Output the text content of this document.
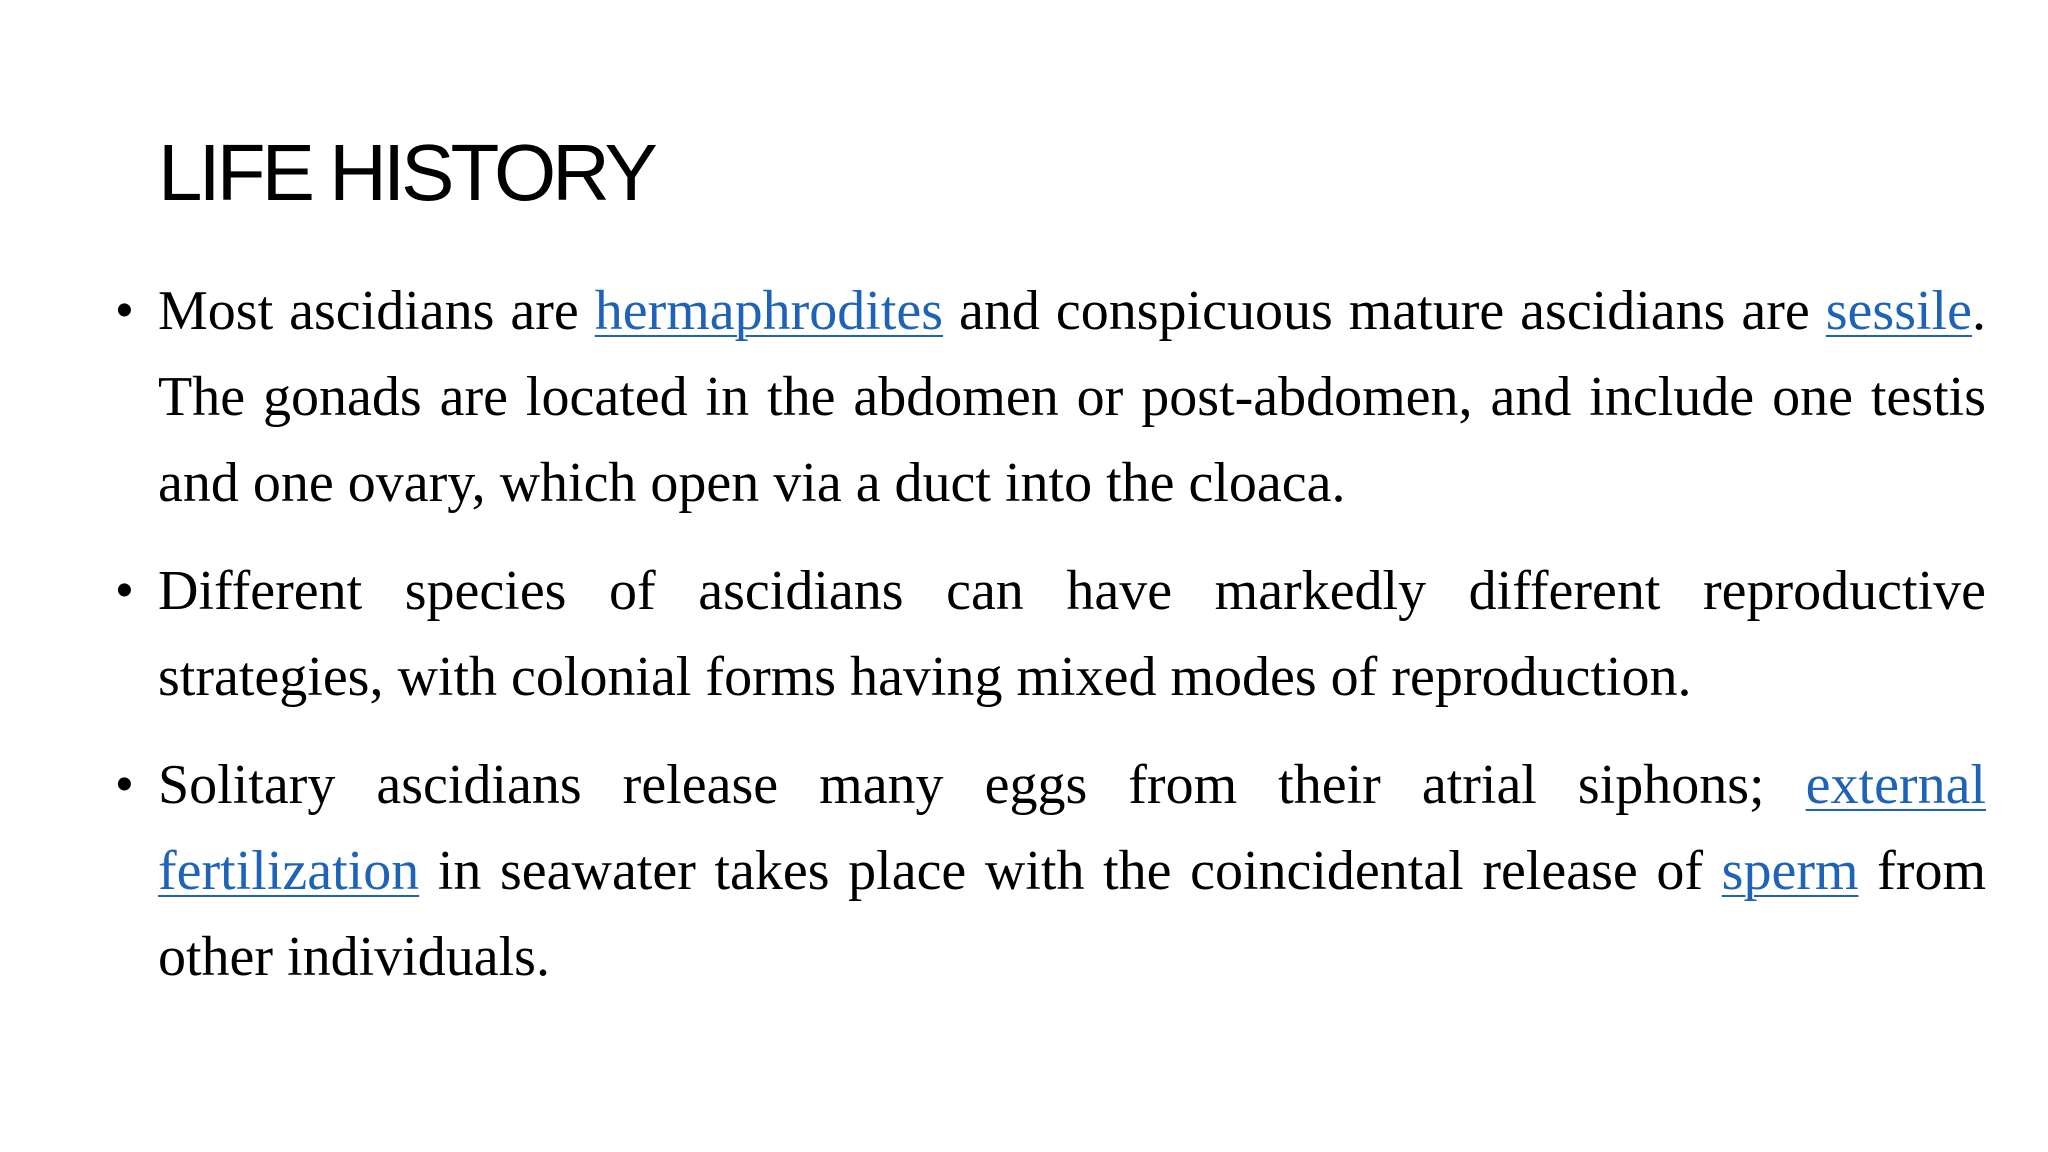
LIFE HISTORY
• Most ascidians are hermaphrodites and conspicuous mature ascidians are sessile. The gonads are located in the abdomen or post-abdomen, and include one testis and one ovary, which open via a duct into the cloaca.
• Different species of ascidians can have markedly different reproductive strategies, with colonial forms having mixed modes of reproduction.
• Solitary ascidians release many eggs from their atrial siphons; external fertilization in seawater takes place with the coincidental release of sperm from other individuals.
